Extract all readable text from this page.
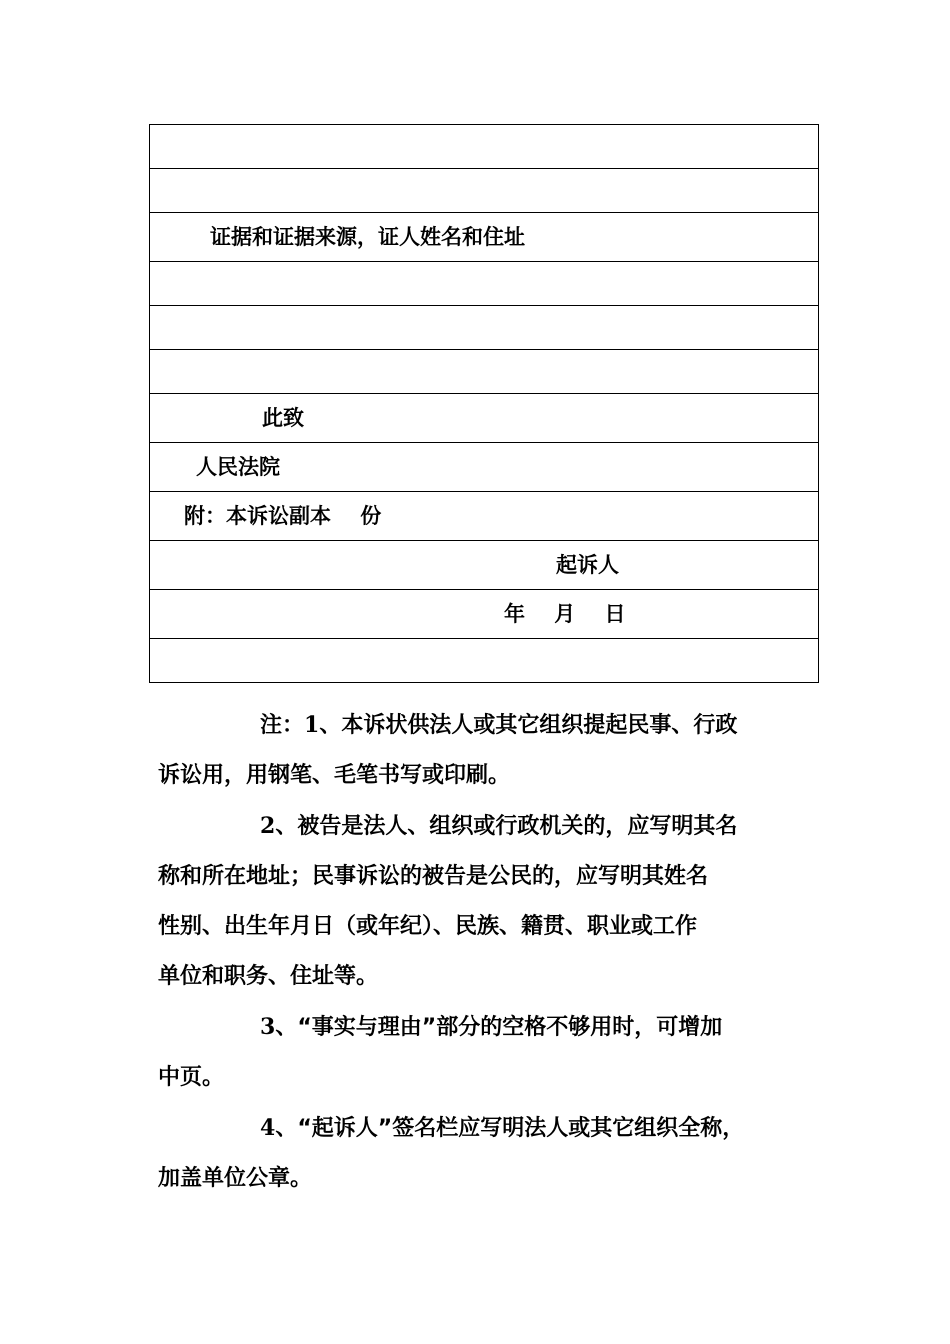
证据和证据来源，证人姓名和住址

此致
人民法院
附：本诉讼副本    份
起诉人
年    月    日

注：1、本诉状供法人或其它组织提起民事、行政

诉讼用，用钢笔、毛笔书写或印刷。

2、被告是法人、组织或行政机关的，应写明其名

称和所在地址；民事诉讼的被告是公民的，应写明其姓名

性别、出生年月日（或年纪）、民族、籍贯、职业或工作

单位和职务、住址等。

3、“事实与理由”部分的空格不够用时，可增加

中页。

4、“起诉人”签名栏应写明法人或其它组织全称，

加盖单位公章。
